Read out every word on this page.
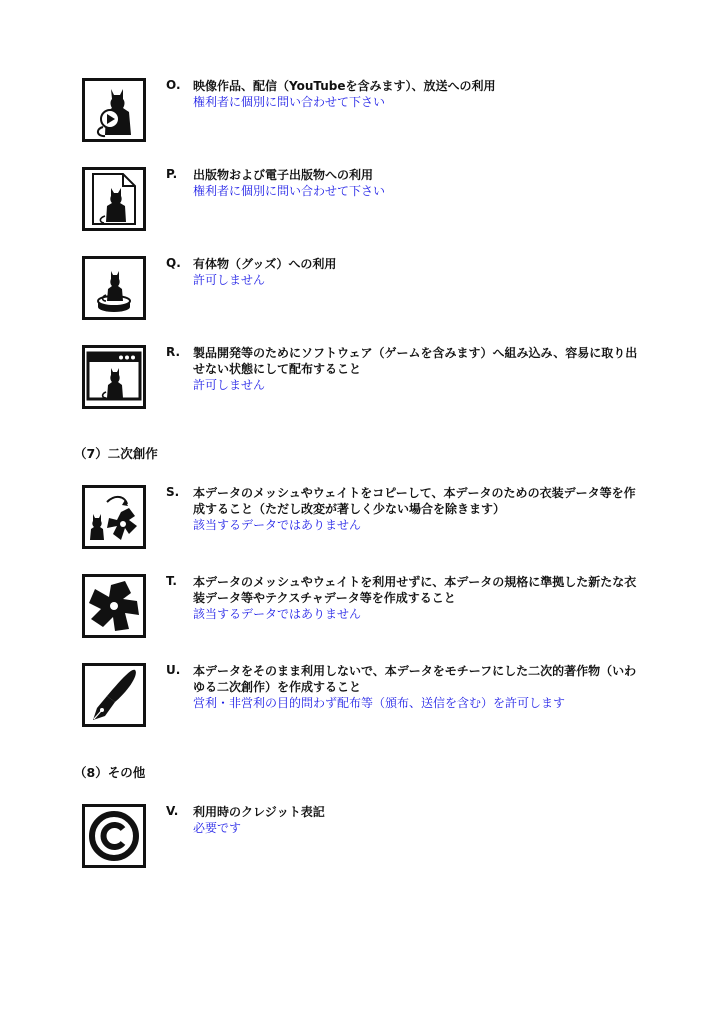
O. 映像作品、配信（YouTubeを含みます）、放送への利用
権利者に個別に問い合わせて下さい
P. 出版物および電子出版物への利用
権利者に個別に問い合わせて下さい
Q. 有体物（グッズ）への利用
許可しません
R. 製品開発等のためにソフトウェア（ゲームを含みます）へ組み込み、容易に取り出
せない状態にして配布すること
許可しません
（7）二次創作
S. 本データのメッシュやウェイトをコピーして、本データのための衣装データ等を作
成すること（ただし改変が著しく少ない場合を除きます）
該当するデータではありません
T. 本データのメッシュやウェイトを利用せずに、本データの規格に準拠した新たな衣
装データ等やテクスチャデータ等を作成すること
該当するデータではありません
U. 本データをそのまま利用しないで、本データをモチーフにした二次的著作物（いわ
ゆる二次創作）を作成すること
営利・非営利の目的問わず配布等（頒布、送信を含む）を許可します
（8）その他
V. 利用時のクレジット表記
必要です
